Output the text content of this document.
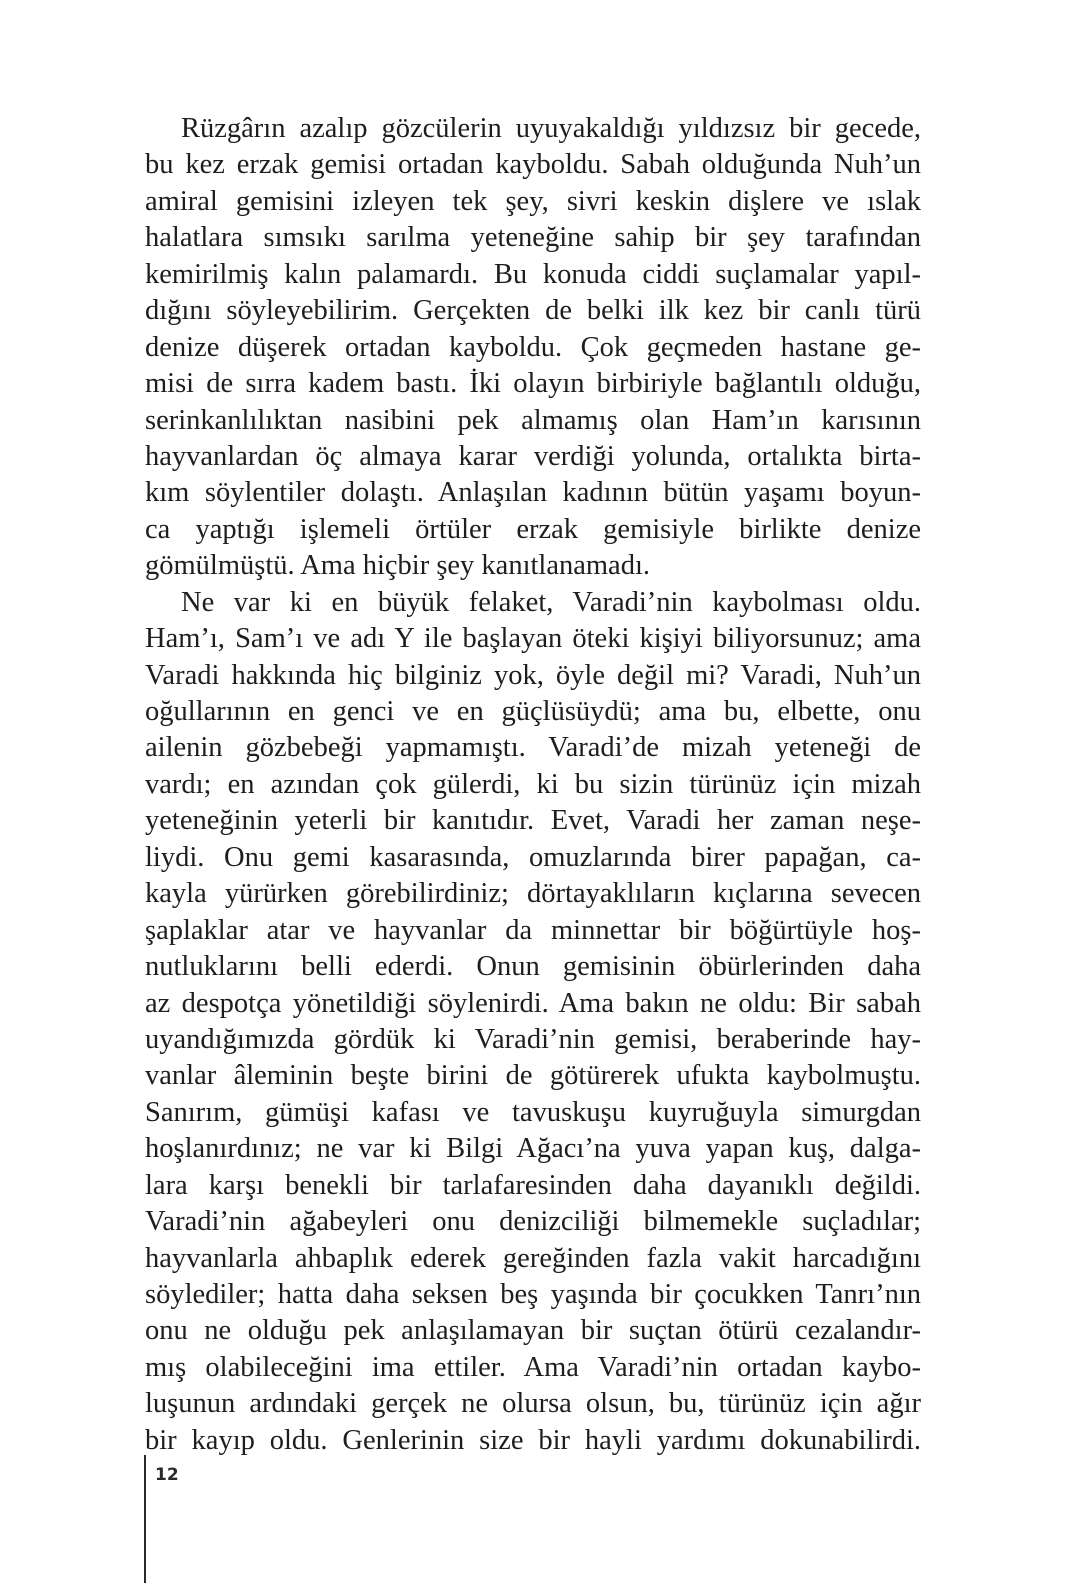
Rüzgârın azalıp gözcülerin uyuyakaldığı yıldızsız bir gecede,
bu kez erzak gemisi ortadan kayboldu. Sabah olduğunda Nuh’un
amiral gemisini izleyen tek şey, sivri keskin dişlere ve ıslak
halatlara sımsıkı sarılma yeteneğine sahip bir şey tarafından
kemirilmiş kalın palamardı. Bu konuda ciddi suçlamalar yapıl-
dığını söyleyebilirim. Gerçekten de belki ilk kez bir canlı türü
denize düşerek ortadan kayboldu. Çok geçmeden hastane ge-
misi de sırra kadem bastı. İki olayın birbiriyle bağlantılı olduğu,
serinkanlılıktan nasibini pek almamış olan Ham’ın karısının
hayvanlardan öç almaya karar verdiği yolunda, ortalıkta birta-
kım söylentiler dolaştı. Anlaşılan kadının bütün yaşamı boyun-
ca yaptığı işlemeli örtüler erzak gemisiyle birlikte denize
gömülmüştü. Ama hiçbir şey kanıtlanamadı.
Ne var ki en büyük felaket, Varadi’nin kaybolması oldu.
Ham’ı, Sam’ı ve adı Y ile başlayan öteki kişiyi biliyorsunuz; ama
Varadi hakkında hiç bilginiz yok, öyle değil mi? Varadi, Nuh’un
oğullarının en genci ve en güçlüsüydü; ama bu, elbette, onu
ailenin gözbebeği yapmamıştı. Varadi’de mizah yeteneği de
vardı; en azından çok gülerdi, ki bu sizin türünüz için mizah
yeteneğinin yeterli bir kanıtıdır. Evet, Varadi her zaman neşe-
liydi. Onu gemi kasarasında, omuzlarında birer papağan, ca-
kayla yürürken görebilirdiniz; dörtayaklıların kıçlarına sevecen
şaplaklar atar ve hayvanlar da minnettar bir böğürtüyle hoş-
nutluklarını belli ederdi. Onun gemisinin öbürlerinden daha
az despotça yönetildiği söylenirdi. Ama bakın ne oldu: Bir sabah
uyandığımızda gördük ki Varadi’nin gemisi, beraberinde hay-
vanlar âleminin beşte birini de götürerek ufukta kaybolmuştu.
Sanırım, gümüşi kafası ve tavuskuşu kuyruğuyla simurgdan
hoşlanırdınız; ne var ki Bilgi Ağacı’na yuva yapan kuş, dalga-
lara karşı benekli bir tarlafaresinden daha dayanıklı değildi.
Varadi’nin ağabeyleri onu denizciliği bilmemekle suçladılar;
hayvanlarla ahbaplık ederek gereğinden fazla vakit harcadığını
söylediler; hatta daha seksen beş yaşında bir çocukken Tanrı’nın
onu ne olduğu pek anlaşılamayan bir suçtan ötürü cezalandır-
mış olabileceğini ima ettiler. Ama Varadi’nin ortadan kaybo-
luşunun ardındaki gerçek ne olursa olsun, bu, türünüz için ağır
bir kayıp oldu. Genlerinin size bir hayli yardımı dokunabilirdi.
12
